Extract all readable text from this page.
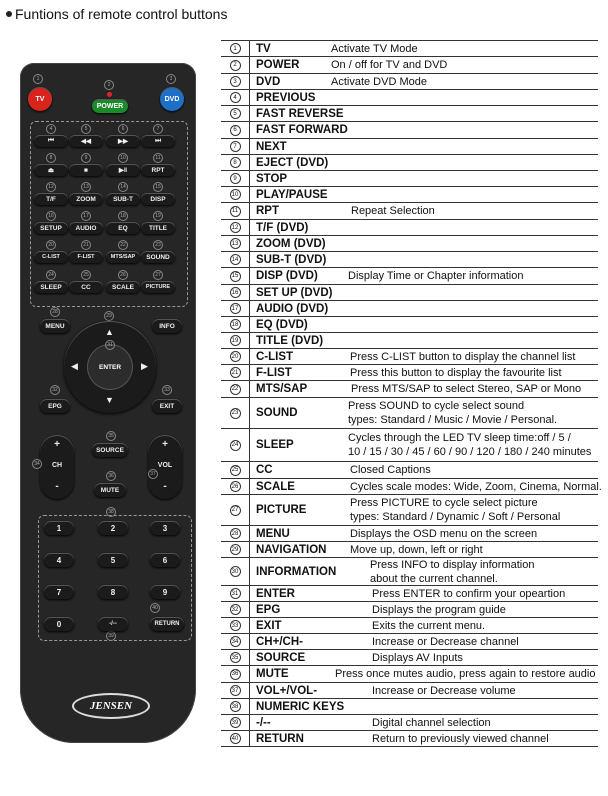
Funtions of remote control buttons
1
2
3
TV
POWER
DVD
28
MENU
29
INFO
▲
▼
◀	▶
ENTER
31
32
EPG
33
EXIT
+
CH
-
34
35
SOURCE
36
MUTE
+
VOL
-
37
38
39
JENSEN
4
⏮
5
◀◀
6
▶▶
7
⏭
8
⏏
9
■
10
▶‖
11
RPT
12
T/F
13
ZOOM
14
SUB-T
15
DISP
16
SETUP
17
AUDIO
18
EQ
19
TITLE
20
C-LIST
21
F-LIST
22
MTS/SAP
23
SOUND
24
SLEEP
25
CC
26
SCALE
27
PICTURE
1	2	3
4	5	6
7	8	9
0	-/--	RETURN
40
1	TV	Activate TV Mode
2	POWER	On / off for TV and DVD
3	DVD	Activate DVD Mode
4	PREVIOUS
5	FAST REVERSE
6	FAST FORWARD
7	NEXT
8	EJECT (DVD)
9	STOP
10	PLAY/PAUSE
11	RPT	Repeat Selection
12	T/F (DVD)
13	ZOOM (DVD)
14	SUB-T (DVD)
15	DISP (DVD)	Display Time or Chapter information
16	SET UP (DVD)
17	AUDIO (DVD)
18	EQ (DVD)
19	TITLE (DVD)
20	C-LIST	Press C-LIST button to display the channel list
21	F-LIST	Press this button to display the favourite list
22	MTS/SAP	Press MTS/SAP to select Stereo, SAP or Mono
23	SOUND
Press SOUND to cycle select sound
types: Standard / Music / Movie / Personal.
24	SLEEP
Cycles through the LED TV sleep time:off / 5 /
10 / 15 / 30 / 45 / 60 / 90 / 120 / 180 / 240 minutes
25	CC	Closed Captions
26	SCALE	Cycles scale modes: Wide, Zoom, Cinema, Normal.
27	PICTURE
Press PICTURE to cycle select picture
types: Standard / Dynamic / Soft / Personal
28	MENU	Displays the OSD menu on the screen
29	NAVIGATION	Move up, down, left or right
30	INFORMATION
Press INFO to display information
about the current channel.
31	ENTER	Press ENTER to confirm your opeartion
32	EPG	Displays the program guide
33	EXIT	Exits the current menu.
34	CH+/CH-	Increase or Decrease channel
35	SOURCE	Displays AV Inputs
36	MUTE	Press once mutes audio, press again to restore audio
37	VOL+/VOL-	Increase or Decrease volume
38	NUMERIC KEYS
39	-/--	Digital channel selection
40	RETURN	Return to previously viewed channel
